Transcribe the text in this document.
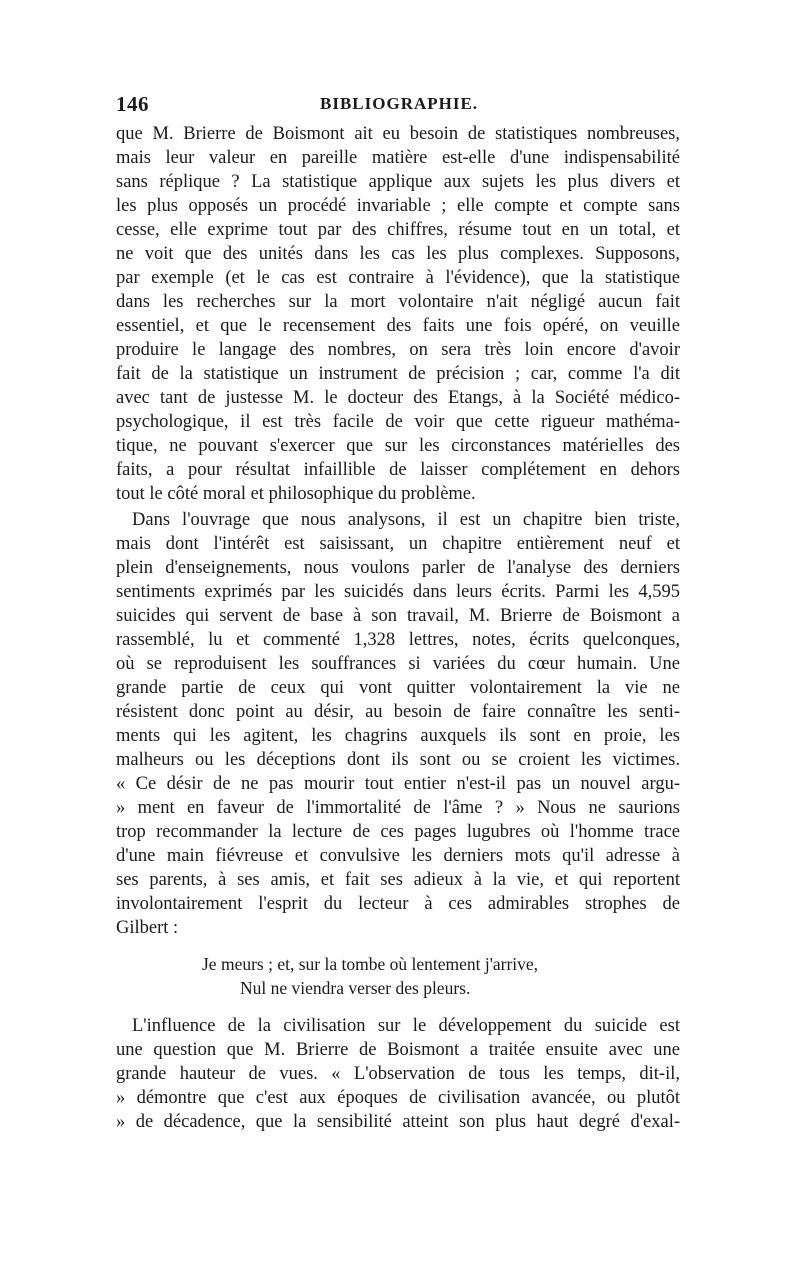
146	BIBLIOGRAPHIE.
que M. Brierre de Boismont ait eu besoin de statistiques nombreuses,
mais leur valeur en pareille matière est-elle d'une indispensabilité
sans réplique ? La statistique applique aux sujets les plus divers et
les plus opposés un procédé invariable ; elle compte et compte sans
cesse, elle exprime tout par des chiffres, résume tout en un total, et
ne voit que des unités dans les cas les plus complexes. Supposons,
par exemple (et le cas est contraire à l'évidence), que la statistique
dans les recherches sur la mort volontaire n'ait négligé aucun fait
essentiel, et que le recensement des faits une fois opéré, on veuille
produire le langage des nombres, on sera très loin encore d'avoir
fait de la statistique un instrument de précision ; car, comme l'a dit
avec tant de justesse M. le docteur des Etangs, à la Société médico-
psychologique, il est très facile de voir que cette rigueur mathéma-
tique, ne pouvant s'exercer que sur les circonstances matérielles des
faits, a pour résultat infaillible de laisser complétement en dehors
tout le côté moral et philosophique du problème.
Dans l'ouvrage que nous analysons, il est un chapitre bien triste,
mais dont l'intérêt est saisissant, un chapitre entièrement neuf et
plein d'enseignements, nous voulons parler de l'analyse des derniers
sentiments exprimés par les suicidés dans leurs écrits. Parmi les 4,595
suicides qui servent de base à son travail, M. Brierre de Boismont a
rassemblé, lu et commenté 1,328 lettres, notes, écrits quelconques,
où se reproduisent les souffrances si variées du cœur humain. Une
grande partie de ceux qui vont quitter volontairement la vie ne
résistent donc point au désir, au besoin de faire connaître les senti-
ments qui les agitent, les chagrins auxquels ils sont en proie, les
malheurs ou les déceptions dont ils sont ou se croient les victimes.
« Ce désir de ne pas mourir tout entier n'est-il pas un nouvel argu-
» ment en faveur de l'immortalité de l'âme ? » Nous ne saurions
trop recommander la lecture de ces pages lugubres où l'homme trace
d'une main fiévreuse et convulsive les derniers mots qu'il adresse à
ses parents, à ses amis, et fait ses adieux à la vie, et qui reportent
involontairement l'esprit du lecteur à ces admirables strophes de
Gilbert :
Je meurs ; et, sur la tombe où lentement j'arrive,
Nul ne viendra verser des pleurs.
L'influence de la civilisation sur le développement du suicide est
une question que M. Brierre de Boismont a traitée ensuite avec une
grande hauteur de vues. « L'observation de tous les temps, dit-il,
» démontre que c'est aux époques de civilisation avancée, ou plutôt
» de décadence, que la sensibilité atteint son plus haut degré d'exal-
